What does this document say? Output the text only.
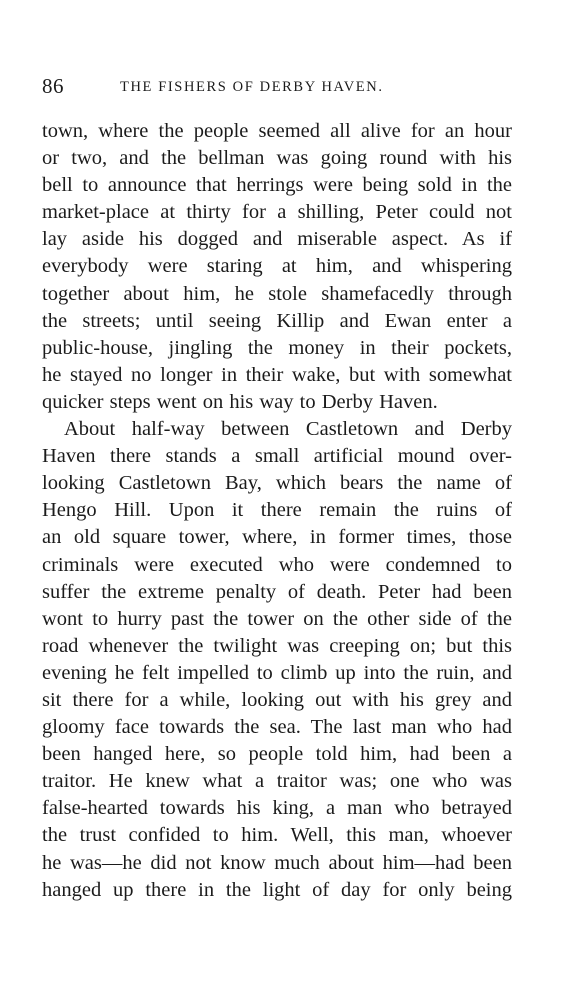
86	THE FISHERS OF DERBY HAVEN.
town, where the people seemed all alive for an hour
or two, and the bellman was going round with his
bell to announce that herrings were being sold in the
market-place at thirty for a shilling, Peter could not
lay aside his dogged and miserable aspect. As if
everybody were staring at him, and whispering
together about him, he stole shamefacedly through
the streets; until seeing Killip and Ewan enter a
public-house, jingling the money in their pockets,
he stayed no longer in their wake, but with somewhat
quicker steps went on his way to Derby Haven.
About half-way between Castletown and Derby
Haven there stands a small artificial mound over-
looking Castletown Bay, which bears the name of
Hengo Hill. Upon it there remain the ruins of
an old square tower, where, in former times, those
criminals were executed who were condemned to
suffer the extreme penalty of death. Peter had been
wont to hurry past the tower on the other side of the
road whenever the twilight was creeping on; but this
evening he felt impelled to climb up into the ruin, and
sit there for a while, looking out with his grey and
gloomy face towards the sea. The last man who had
been hanged here, so people told him, had been a
traitor. He knew what a traitor was; one who was
false-hearted towards his king, a man who betrayed
the trust confided to him. Well, this man, whoever
he was—he did not know much about him—had been
hanged up there in the light of day for only being
